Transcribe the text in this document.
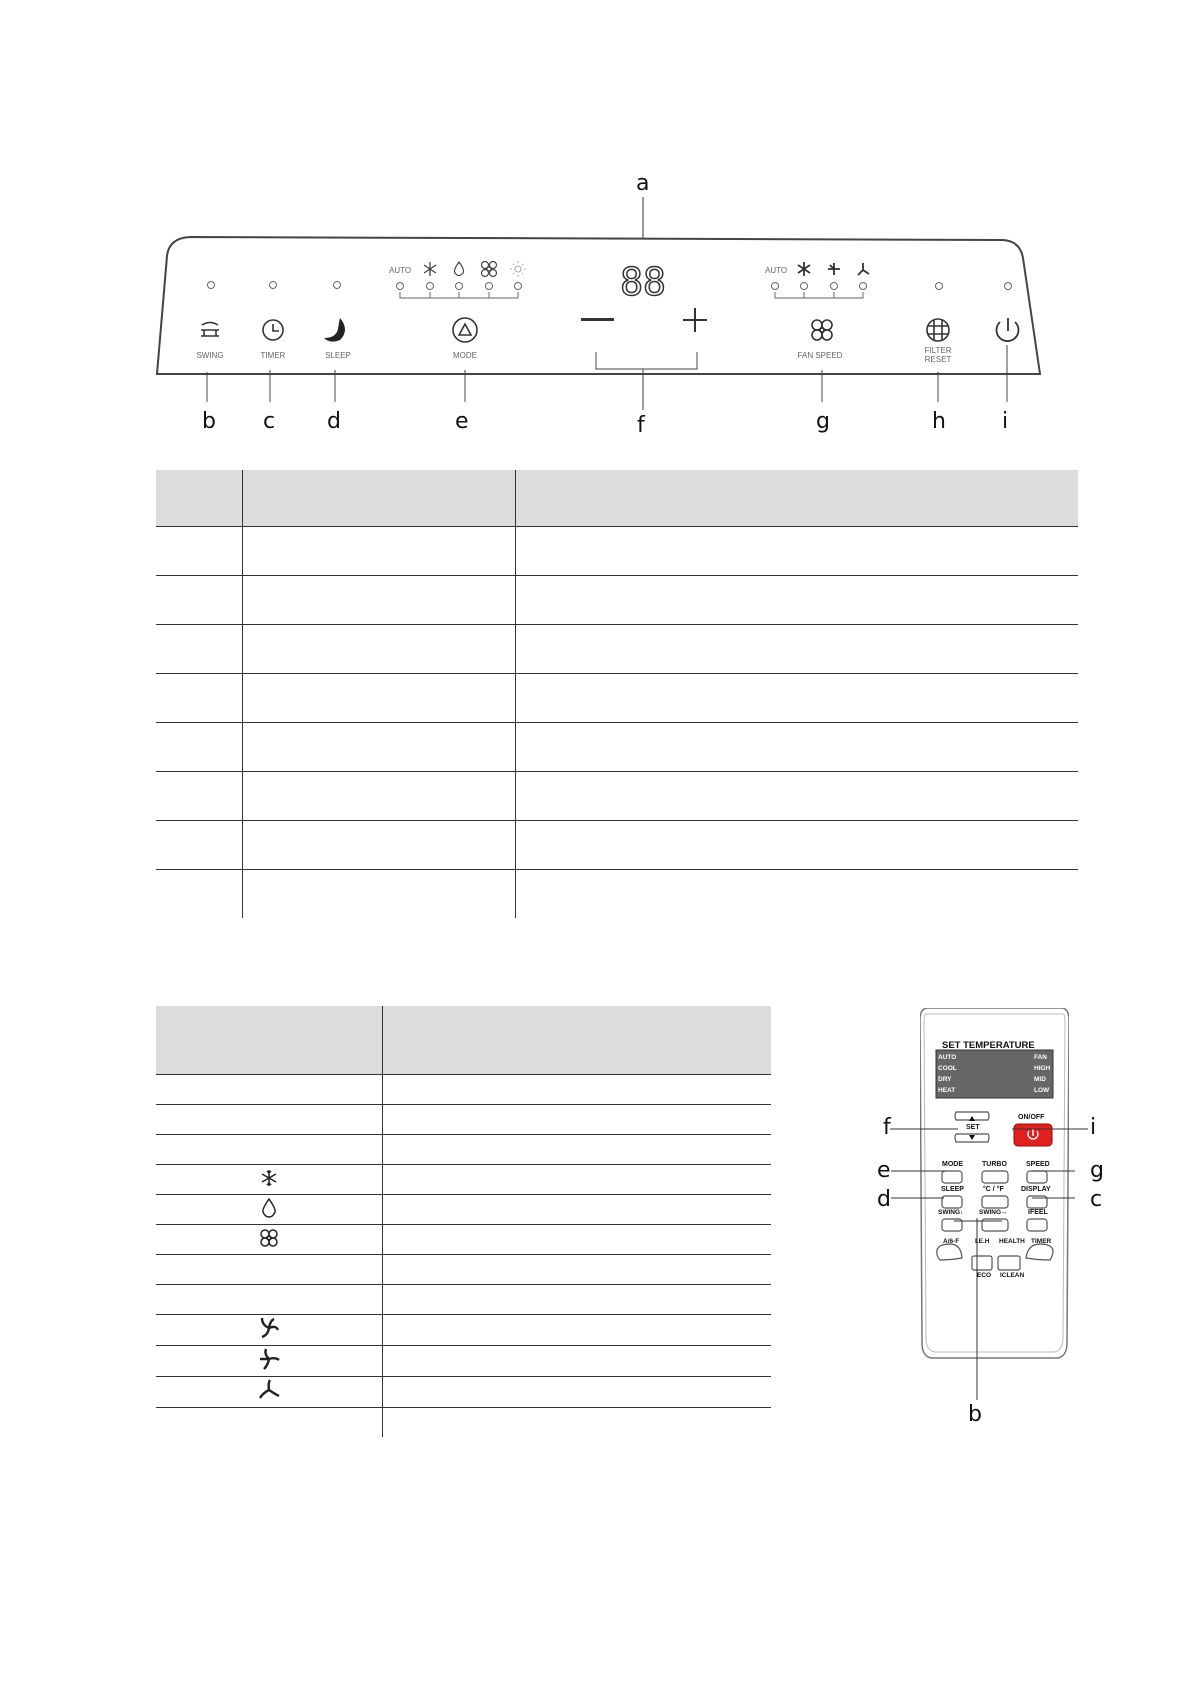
AUTO	AUTO
88
SWING	TIMER	SLEEP	MODE	FAN SPEED
FILTER
RESET
a
b c d	e	f	g	h	i

SET TEMPERATURE
AUTO
COOL
DRY
HEAT
FAN
HIGH
MID
LOW
ON/OFF
SET
MODE	TURBO	SPEED
SLEEP	°C / °F DISPLAY
SWING↕ SWING↔	IFEEL
A/6-F I.E.H HEALTH TIMER
ECO ICLEAN
f	i
e	g
d	c
b
